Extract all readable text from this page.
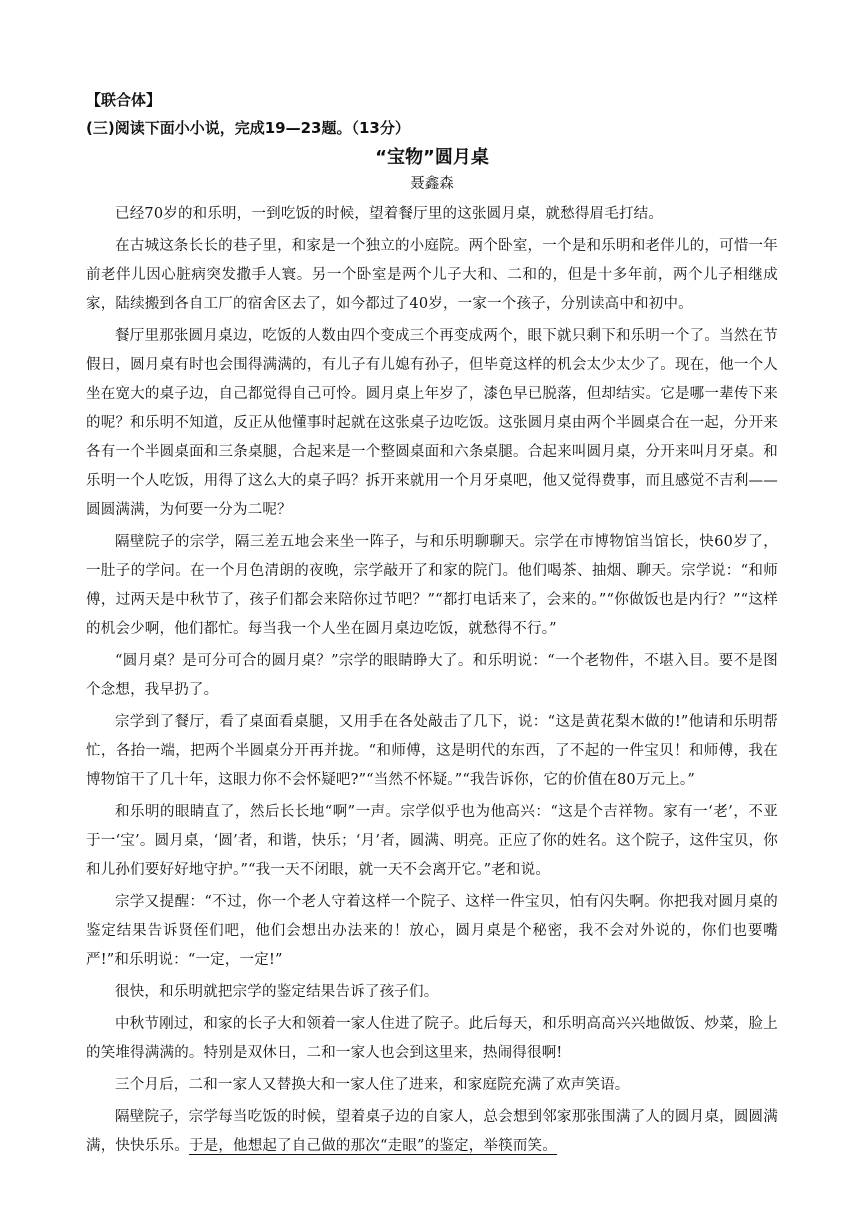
【联合体】
(三)阅读下面小小说，完成19—23题。（13分）
“宝物”圆月桌
聂鑫森

已经70岁的和乐明，一到吃饭的时候，望着餐厅里的这张圆月桌，就愁得眉毛打结。

在古城这条长长的巷子里，和家是一个独立的小庭院。两个卧室，一个是和乐明和老伴儿的，可惜一年前老伴儿因心脏病突发撒手人寰。另一个卧室是两个儿子大和、二和的，但是十多年前，两个儿子相继成家，陆续搬到各自工厂的宿舍区去了，如今都过了40岁，一家一个孩子，分别读高中和初中。

餐厅里那张圆月桌边，吃饭的人数由四个变成三个再变成两个，眼下就只剩下和乐明一个了。当然在节假日，圆月桌有时也会围得满满的，有儿子有儿媳有孙子，但毕竟这样的机会太少太少了。现在，他一个人坐在宽大的桌子边，自己都觉得自己可怜。圆月桌上年岁了，漆色早已脱落，但却结实。它是哪一辈传下来的呢？和乐明不知道，反正从他懂事时起就在这张桌子边吃饭。这张圆月桌由两个半圆桌合在一起，分开来各有一个半圆桌面和三条桌腿，合起来是一个整圆桌面和六条桌腿。合起来叫圆月桌，分开来叫月牙桌。和乐明一个人吃饭，用得了这么大的桌子吗？拆开来就用一个月牙桌吧，他又觉得费事，而且感觉不吉利——圆圆满满，为何要一分为二呢？

隔壁院子的宗学，隔三差五地会来坐一阵子，与和乐明聊聊天。宗学在市博物馆当馆长，快60岁了，一肚子的学问。在一个月色清朗的夜晚，宗学敲开了和家的院门。他们喝茶、抽烟、聊天。宗学说：“和师傅，过两天是中秋节了，孩子们都会来陪你过节吧？”“都打电话来了，会来的。”“你做饭也是内行？”“这样的机会少啊，他们都忙。每当我一个人坐在圆月桌边吃饭，就愁得不行。”

“圆月桌？是可分可合的圆月桌？”宗学的眼睛睁大了。和乐明说：“一个老物件，不堪入目。要不是图个念想，我早扔了。

宗学到了餐厅，看了桌面看桌腿，又用手在各处敲击了几下，说：“这是黄花梨木做的!”他请和乐明帮忙，各抬一端，把两个半圆桌分开再并拢。“和师傅，这是明代的东西，了不起的一件宝贝！和师傅，我在博物馆干了几十年，这眼力你不会怀疑吧?”“当然不怀疑。”“我告诉你，它的价值在80万元上。”

和乐明的眼睛直了，然后长长地“啊”一声。宗学似乎也为他高兴：“这是个吉祥物。家有一‘老’，不亚于一‘宝’。圆月桌，‘圆’者，和谐，快乐；‘月’者，圆满、明亮。正应了你的姓名。这个院子，这件宝贝，你和儿孙们要好好地守护。”“我一天不闭眼，就一天不会离开它。”老和说。

宗学又提醒：“不过，你一个老人守着这样一个院子、这样一件宝贝，怕有闪失啊。你把我对圆月桌的鉴定结果告诉贤侄们吧，他们会想出办法来的！放心，圆月桌是个秘密，我不会对外说的，你们也要嘴严!”和乐明说：“一定，一定!”

很快，和乐明就把宗学的鉴定结果告诉了孩子们。

中秋节刚过，和家的长子大和领着一家人住进了院子。此后每天，和乐明高高兴兴地做饭、炒菜，脸上的笑堆得满满的。特别是双休日，二和一家人也会到这里来，热闹得很啊!

三个月后，二和一家人又替换大和一家人住了进来，和家庭院充满了欢声笑语。

隔壁院子，宗学每当吃饭的时候，望着桌子边的自家人，总会想到邻家那张围满了人的圆月桌，圆圆满满，快快乐乐。于是，他想起了自己做的那次“走眼”的鉴定，举筷而笑。
